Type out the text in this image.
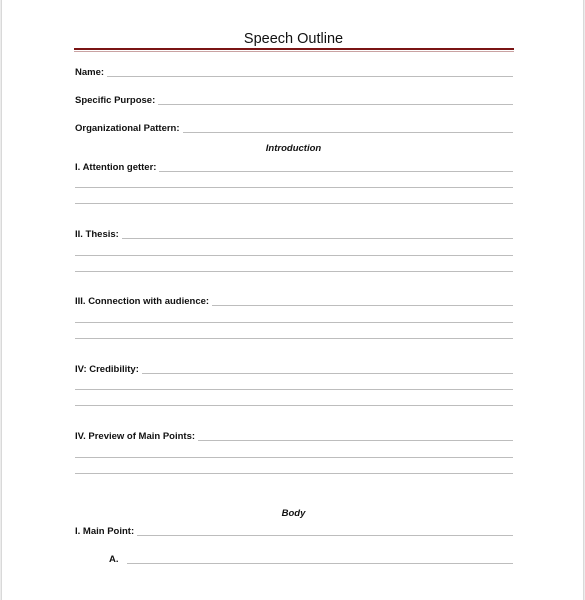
Speech Outline
Name:
Specific Purpose:
Organizational Pattern:
Introduction
I. Attention getter:
II. Thesis:
III. Connection with audience:
IV: Credibility:
IV. Preview of Main Points:
Body
I. Main Point:
A.
